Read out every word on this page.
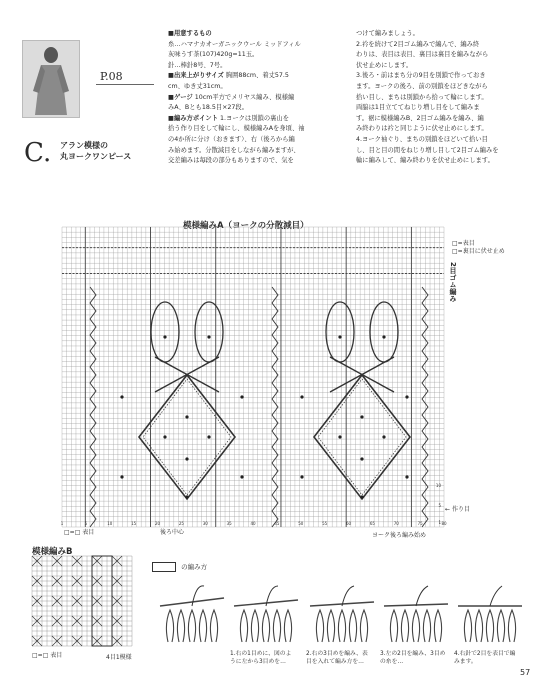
P.08
C. アラン模様の
丸ヨークワンピース
■用意するもの
糸…ハマナカオーガニックウール ミッドフィル
灰味うす茶(107)420g=11玉。
針…棒針8号、7号。
■出来上がりサイズ 胸囲88cm、着丈57.5
cm、ゆき丈31cm。
■ゲージ 10cm平方でメリヤス編み、模様編
みA、Bとも18.5目×27段。
■編み方ポイント 1.ヨークは別鎖の裏山を
拾う作り目をして輪にし、模様編みAを身頃、袖
の4か所に分け（おきます）、右（後ろから編
み始めます。分散減目をしながら編みますが、
交差編みは毎段の部分もありますので、気を
つけて編みましょう。
2.衿を続けて2目ゴム編みで編んで、編み終
わりは、表目は表目、裏目は裏目を編みながら
伏せ止めにします。
3.後ろ・前はまち分の9目を別鎖で作っておき
ます。ヨークの後ろ、前の別鎖をほどきながら
拾い目し、まちは別鎖から拾って輪にします。
両脇は1目立ててねじり増し目をして編みま
す。裾に模様編みB、2目ゴム編みを編み、編
み終わりは衿と同じように伏せ止めにします。
4.ヨーク袖ぐり、まちの別鎖をほどいて拾い目
し、目と目の間をねじり増し目して2目ゴム編みを
輪に編みして、編み終わりを伏せ止めにします。
模様編みA（ヨークの分散減目）
80
75
70
65
60
55
50
45
40
35
30
25
20
15
10
5
1
10
5
1
□=表目
□=裏目に伏せ止め
2目ゴム編み
← 作り目
□=□ 表目	後ろ中心	ヨーク後ろ編み始め
模様編みB
□=□ 表目	4目1模様
の編み方
1.右の1目めに、図のように左から3目めを…
2.右の3目めを編み、表目を入れて編み方を…
3.左の2目を編み、3目めの糸を…
4.右針で2目を表目で編みます。
57
